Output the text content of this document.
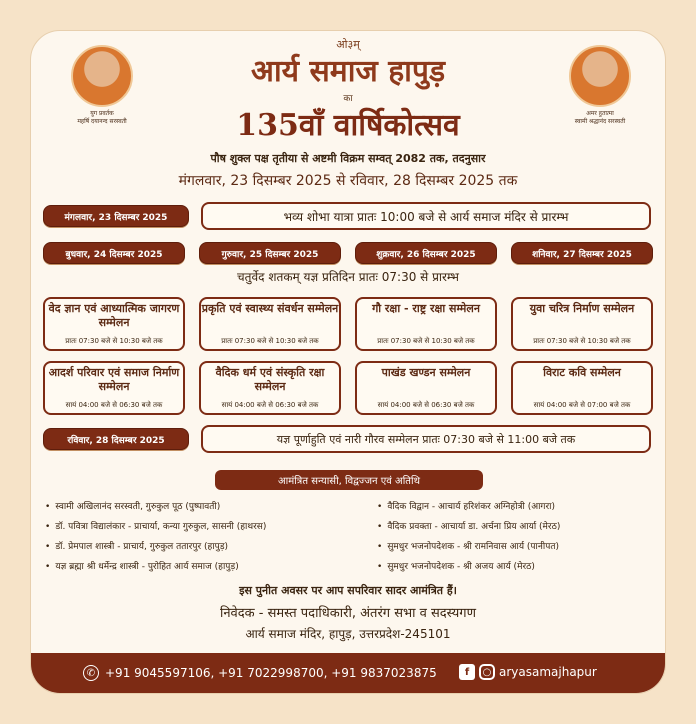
ओ३म्
आर्य समाज हापुड़
का
135वाँ वार्षिकोत्सव
पौष शुक्ल पक्ष तृतीया से अष्टमी विक्रम सम्वत् 2082 तक, तदनुसार
मंगलवार, 23 दिसम्बर 2025 से रविवार, 28 दिसम्बर 2025 तक
युग प्रवर्तक
महर्षि दयानन्द सरस्वती
अमर हुतात्मा
स्वामी श्रद्धानंद सरस्वती
मंगलवार, 23 दिसम्बर 2025	भव्य शोभा यात्रा प्रातः 10:00 बजे से आर्य समाज मंदिर से प्रारम्भ
बुधवार, 24 दिसम्बर 2025	गुरुवार, 25 दिसम्बर 2025	शुक्रवार, 26 दिसम्बर 2025	शनिवार, 27 दिसम्बर 2025
चतुर्वेद शतकम् यज्ञ प्रतिदिन प्रातः 07:30 से प्रारम्भ
वेद ज्ञान एवं आध्यात्मिक जागरण सम्मेलन
प्रातः 07:30 बजे से 10:30 बजे तक
प्रकृति एवं स्वास्थ्य संवर्धन सम्मेलन
प्रातः 07:30 बजे से 10:30 बजे तक
गौ रक्षा - राष्ट्र रक्षा सम्मेलन
प्रातः 07:30 बजे से 10:30 बजे तक
युवा चरित्र निर्माण सम्मेलन
प्रातः 07:30 बजे से 10:30 बजे तक
आदर्श परिवार एवं समाज निर्माण सम्मेलन
सायं 04:00 बजे से 06:30 बजे तक
वैदिक धर्म एवं संस्कृति रक्षा सम्मेलन
सायं 04:00 बजे से 06:30 बजे तक
पाखंड खण्डन सम्मेलन
सायं 04:00 बजे से 06:30 बजे तक
विराट कवि सम्मेलन
सायं 04:00 बजे से 07:00 बजे तक
रविवार, 28 दिसम्बर 2025	यज्ञ पूर्णाहुति एवं नारी गौरव सम्मेलन प्रातः 07:30 बजे से 11:00 बजे तक
आमंत्रित सन्यासी, विद्वज्जन एवं अतिथि
• स्वामी अखिलानंद सरस्वती, गुरुकुल पूठ (पुष्पावती)
• डॉ. पवित्रा विद्यालंकार - प्राचार्या, कन्या गुरुकुल, सासनी (हाथरस)
• डॉ. प्रेमपाल शास्त्री - प्राचार्य, गुरुकुल ततारपुर (हापुड़)
• यज्ञ ब्रह्मा श्री धर्मेन्द्र शास्त्री - पुरोहित आर्य समाज (हापुड़)
• वैदिक विद्वान - आचार्य हरिशंकर अग्निहोत्री (आगरा)
• वैदिक प्रवक्ता - आचार्या डा. अर्चना प्रिय आर्या (मेरठ)
• सुमधुर भजनोपदेशक - श्री रामनिवास आर्य (पानीपत)
• सुमधुर भजनोपदेशक - श्री अजय आर्य (मेरठ)
इस पुनीत अवसर पर आप सपरिवार सादर आमंत्रित हैं।
निवेदक - समस्त पदाधिकारी, अंतरंग सभा व सदस्यगण
आर्य समाज मंदिर, हापुड़, उत्तरप्रदेश-245101
✆ +91 9045597106, +91 7022998700, +91 9837023875	f	○ aryasamajhapur
